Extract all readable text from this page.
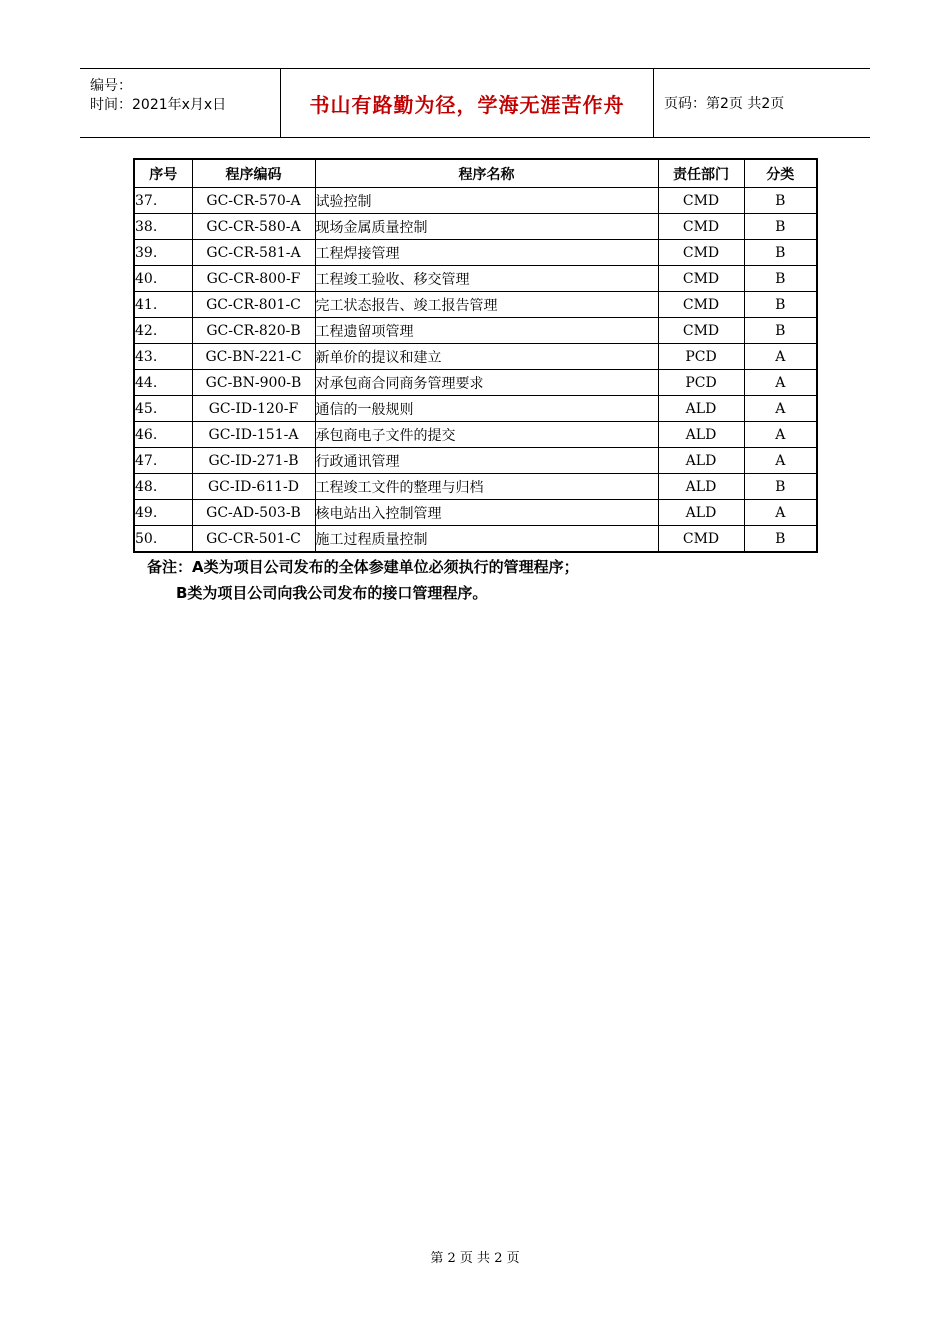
编号：
时间：2021年x月x日	书山有路勤为径，学海无涯苦作舟	页码：第2页 共2页
序号	程序编码	程序名称	责任部门	分类
37.	GC-CR-570-A	试验控制	CMD	B
38.	GC-CR-580-A	现场金属质量控制	CMD	B
39.	GC-CR-581-A	工程焊接管理	CMD	B
40.	GC-CR-800-F	工程竣工验收、移交管理	CMD	B
41.	GC-CR-801-C	完工状态报告、竣工报告管理	CMD	B
42.	GC-CR-820-B	工程遗留项管理	CMD	B
43.	GC-BN-221-C	新单价的提议和建立	PCD	A
44.	GC-BN-900-B	对承包商合同商务管理要求	PCD	A
45.	GC-ID-120-F	通信的一般规则	ALD	A
46.	GC-ID-151-A	承包商电子文件的提交	ALD	A
47.	GC-ID-271-B	行政通讯管理	ALD	A
48.	GC-ID-611-D	工程竣工文件的整理与归档	ALD	B
49.	GC-AD-503-B	核电站出入控制管理	ALD	A
50.	GC-CR-501-C	施工过程质量控制	CMD	B
备注：A类为项目公司发布的全体参建单位必须执行的管理程序；
B类为项目公司向我公司发布的接口管理程序。
第 2 页 共 2 页
